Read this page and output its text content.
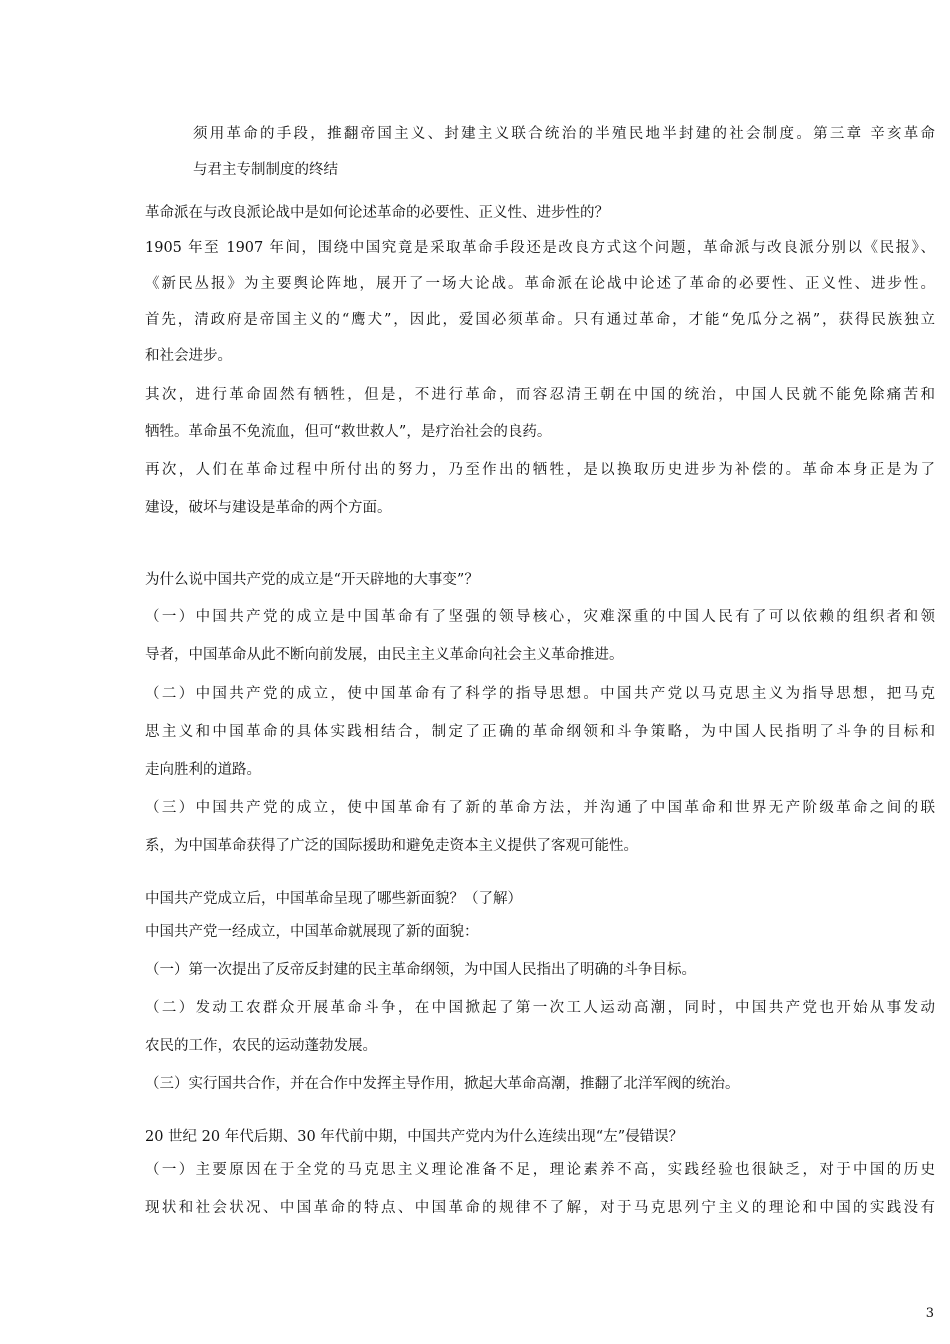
须用革命的手段，推翻帝国主义、封建主义联合统治的半殖民地半封建的社会制度。第三章 辛亥革命
与君主专制制度的终结
革命派在与改良派论战中是如何论述革命的必要性、正义性、进步性的？
1905 年至 1907 年间，围绕中国究竟是采取革命手段还是改良方式这个问题，革命派与改良派分别以《民报》、
《新民丛报》为主要舆论阵地，展开了一场大论战。革命派在论战中论述了革命的必要性、正义性、进步性。
首先，清政府是帝国主义的“鹰犬”，因此，爱国必须革命。只有通过革命，才能“免瓜分之祸”，获得民族独立
和社会进步。
其次，进行革命固然有牺牲，但是，不进行革命，而容忍清王朝在中国的统治，中国人民就不能免除痛苦和
牺牲。革命虽不免流血，但可“救世救人”，是疗治社会的良药。
再次，人们在革命过程中所付出的努力，乃至作出的牺牲，是以换取历史进步为补偿的。革命本身正是为了
建设，破坏与建设是革命的两个方面。
为什么说中国共产党的成立是“开天辟地的大事变”？
（一）中国共产党的成立是中国革命有了坚强的领导核心，灾难深重的中国人民有了可以依赖的组织者和领
导者，中国革命从此不断向前发展，由民主主义革命向社会主义革命推进。
（二）中国共产党的成立，使中国革命有了科学的指导思想。中国共产党以马克思主义为指导思想，把马克
思主义和中国革命的具体实践相结合，制定了正确的革命纲领和斗争策略，为中国人民指明了斗争的目标和
走向胜利的道路。
（三）中国共产党的成立，使中国革命有了新的革命方法，并沟通了中国革命和世界无产阶级革命之间的联
系，为中国革命获得了广泛的国际援助和避免走资本主义提供了客观可能性。
中国共产党成立后，中国革命呈现了哪些新面貌？（了解）
中国共产党一经成立，中国革命就展现了新的面貌：
（一）第一次提出了反帝反封建的民主革命纲领，为中国人民指出了明确的斗争目标。
（二）发动工农群众开展革命斗争，在中国掀起了第一次工人运动高潮，同时，中国共产党也开始从事发动
农民的工作，农民的运动蓬勃发展。
（三）实行国共合作，并在合作中发挥主导作用，掀起大革命高潮，推翻了北洋军阀的统治。
20 世纪 20 年代后期、30 年代前中期，中国共产党内为什么连续出现“左”侵错误？
（一）主要原因在于全党的马克思主义理论准备不足，理论素养不高，实践经验也很缺乏，对于中国的历史
现状和社会状况、中国革命的特点、中国革命的规律不了解，对于马克思列宁主义的理论和中国的实践没有
3
